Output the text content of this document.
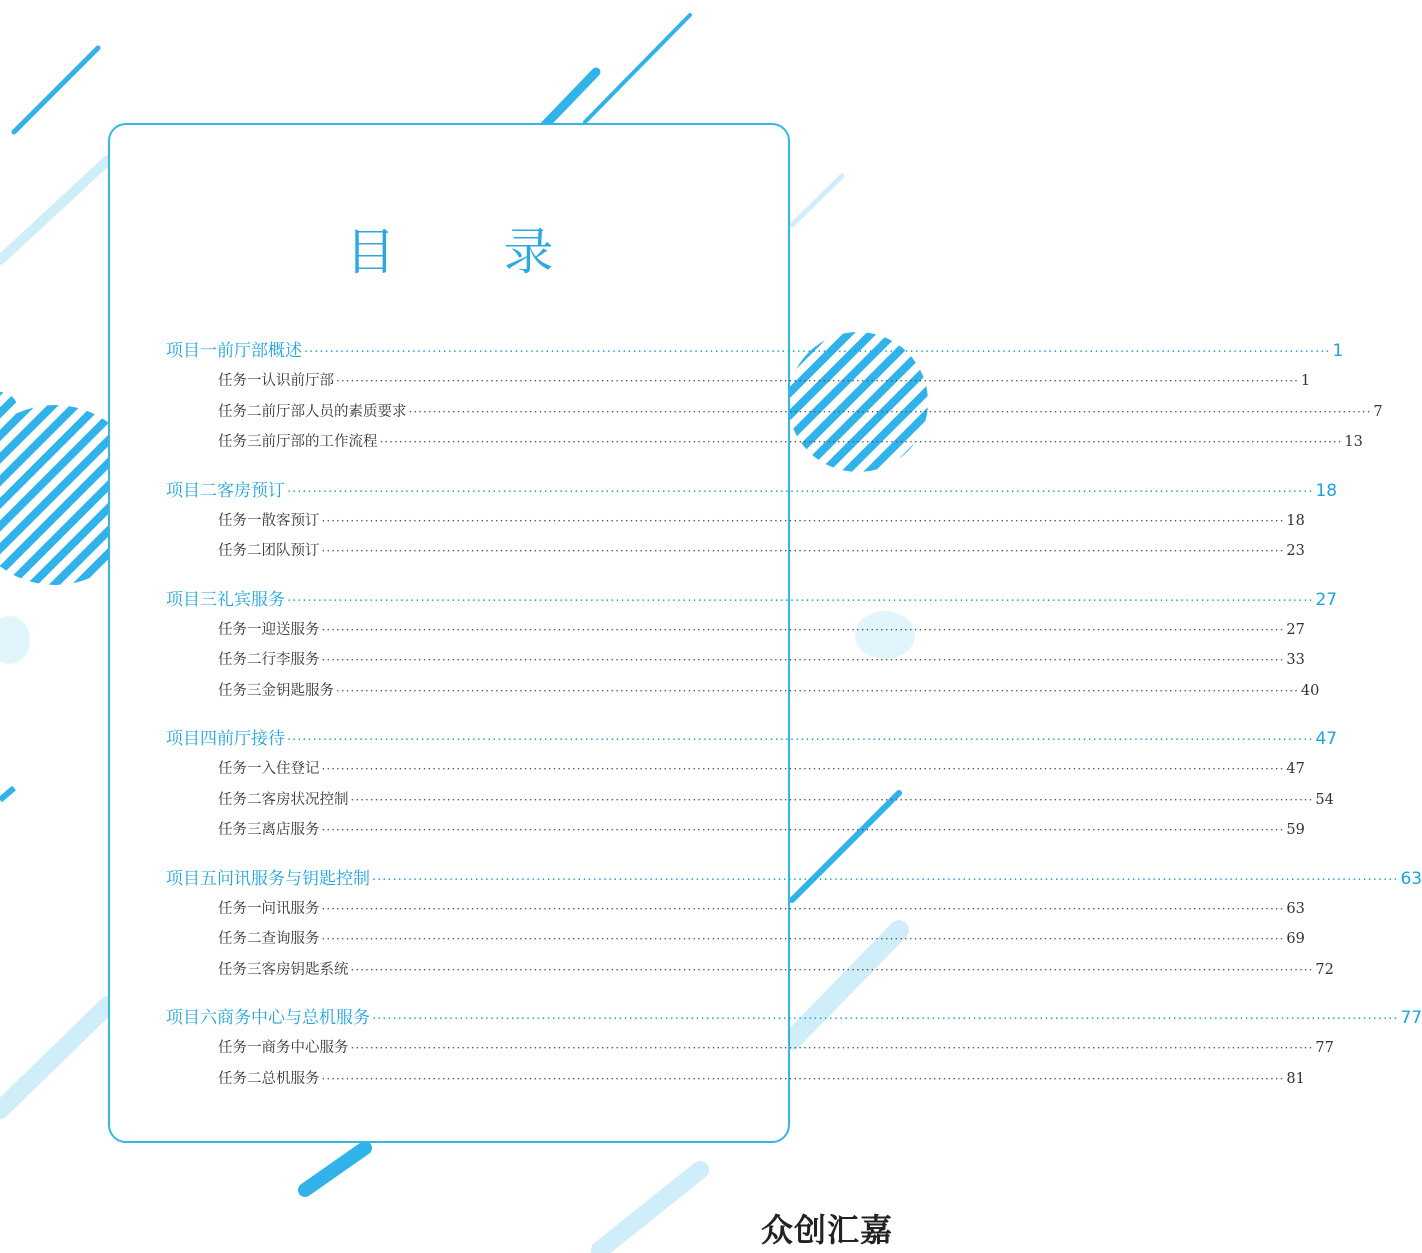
目 录
项目一 前厅部概述 ········································································································································································································ 1
任务一 认识前厅部 ········································································································································································································ 1
任务二 前厅部人员的素质要求 ········································································································································································································ 7
任务三 前厅部的工作流程 ········································································································································································································ 13
项目二 客房预订 ········································································································································································································ 18
任务一 散客预订 ········································································································································································································ 18
任务二 团队预订 ········································································································································································································ 23
项目三 礼宾服务 ········································································································································································································ 27
任务一 迎送服务 ········································································································································································································ 27
任务二 行李服务 ········································································································································································································ 33
任务三 金钥匙服务 ········································································································································································································ 40
项目四 前厅接待 ········································································································································································································ 47
任务一 入住登记 ········································································································································································································ 47
任务二 客房状况控制 ········································································································································································································ 54
任务三 离店服务 ········································································································································································································ 59
项目五 问讯服务与钥匙控制 ········································································································································································································ 63
任务一 问讯服务 ········································································································································································································ 63
任务二 查询服务 ········································································································································································································ 69
任务三 客房钥匙系统 ········································································································································································································ 72
项目六 商务中心与总机服务 ········································································································································································································ 77
任务一 商务中心服务 ········································································································································································································ 77
任务二 总机服务 ········································································································································································································ 81
众创汇嘉
